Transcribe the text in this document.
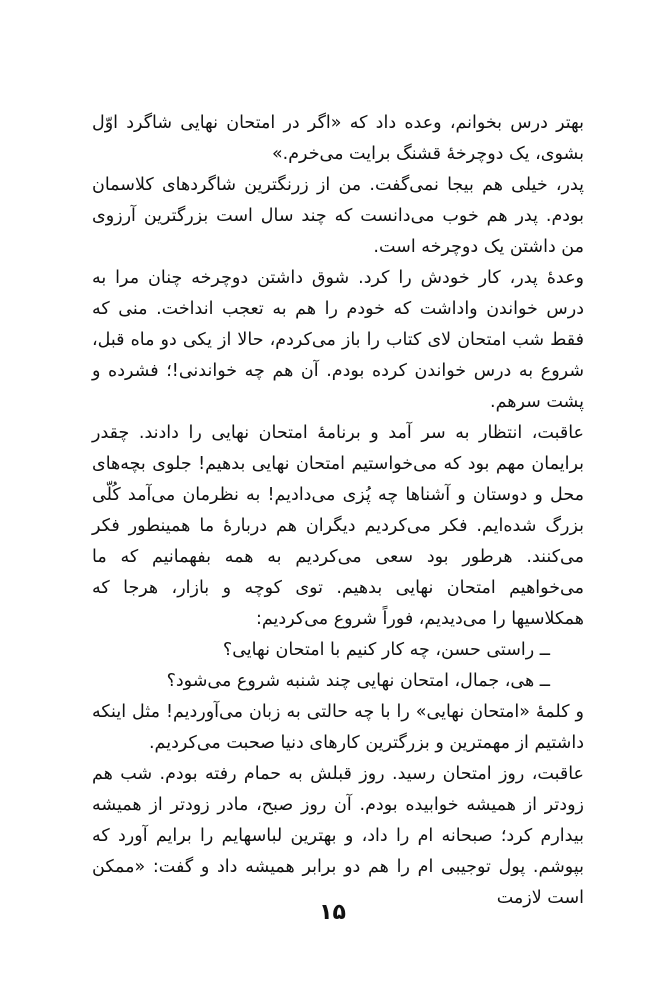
بهتر درس بخوانم، وعده داد که «اگر در امتحان نهایی شاگرد اوّل بشوی، یک دوچرخهٔ قشنگ برایت می‌خرم.»

پدر، خیلی هم بیجا نمی‌گفت. من از زرنگترین شاگردهای کلاسمان بودم. پدر هم خوب می‌دانست که چند سال است بزرگترین آرزوی من داشتن یک دوچرخه است.

وعدهٔ پدر، کار خودش را کرد. شوق داشتن دوچرخه چنان مرا به درس خواندن واداشت که خودم را هم به تعجب انداخت. منی که فقط شب امتحان لای کتاب را باز می‌کردم، حالا از یکی دو ماه قبل، شروع به درس خواندن کرده بودم. آن هم چه خواندنی!؛ فشرده و پشت سرهم.

عاقبت، انتظار به سر آمد و برنامهٔ امتحان نهایی را دادند. چقدر برایمان مهم بود که می‌خواستیم امتحان نهایی بدهیم! جلوی بچه‌های محل و دوستان و آشناها چه پُزی می‌دادیم! به نظرمان می‌آمد کُلّی بزرگ شده‌ایم. فکر می‌کردیم دیگران هم دربارهٔ ما همینطور فکر می‌کنند. هرطور بود سعی می‌کردیم به همه بفهمانیم که ما می‌خواهیم امتحان نهایی بدهیم. توی کوچه و بازار، هرجا که همکلاسیها را می‌دیدیم، فوراً شروع می‌کردیم:

ــ راستی حسن، چه کار کنیم با امتحان نهایی؟

ــ هی، جمال، امتحان نهایی چند شنبه شروع می‌شود؟

و کلمهٔ «امتحان نهایی» را با چه حالتی به زبان می‌آوردیم! مثل اینکه داشتیم از مهمترین و بزرگترین کارهای دنیا صحبت می‌کردیم.

عاقبت، روز امتحان رسید. روز قبلش به حمام رفته بودم. شب هم زودتر از همیشه خوابیده بودم. آن روز صبح، مادر زودتر از همیشه بیدارم کرد؛ صبحانه ام را داد، و بهترین لباسهایم را برایم آورد که بپوشم. پول توجیبی ام را هم دو برابر همیشه داد و گفت: «ممکن است لازمت

۱۵
